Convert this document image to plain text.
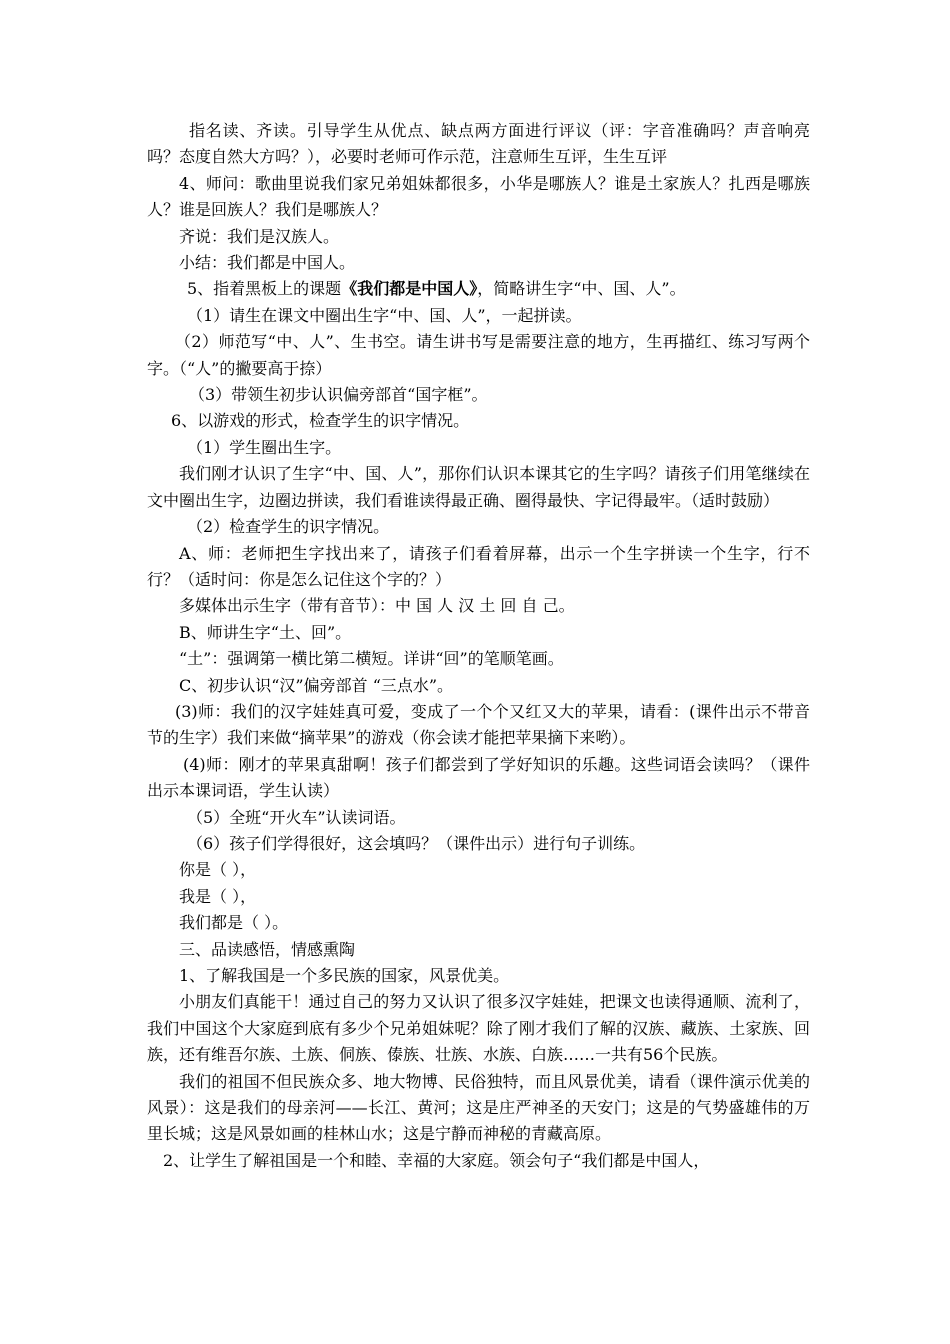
指名读、齐读。引导学生从优点、缺点两方面进行评议（评：字音准确吗？声音响亮吗？态度自然大方吗？），必要时老师可作示范，注意师生互评，生生互评

4、师问：歌曲里说我们家兄弟姐妹都很多，小华是哪族人？谁是土家族人？扎西是哪族人？谁是回族人？我们是哪族人？

齐说：我们是汉族人。

小结：我们都是中国人。

5、指着黑板上的课题《我们都是中国人》，简略讲生字“中、国、人”。

（1）请生在课文中圈出生字“中、国、人”，一起拼读。

（2）师范写“中、人”、生书空。请生讲书写是需要注意的地方，生再描红、练习写两个字。（“人”的撇要高于捺）

（3）带领生初步认识偏旁部首“国字框”。

6、以游戏的形式，检查学生的识字情况。

（1）学生圈出生字。

我们刚才认识了生字“中、国、人”，那你们认识本课其它的生字吗？请孩子们用笔继续在文中圈出生字，边圈边拼读，我们看谁读得最正确、圈得最快、字记得最牢。（适时鼓励）

（2）检查学生的识字情况。

A、师：老师把生字找出来了，请孩子们看着屏幕，出示一个生字拼读一个生字，行不行？（适时问：你是怎么记住这个字的？）

多媒体出示生字（带有音节）：中 国 人 汉 土 回 自 己。

B、师讲生字“土、回”。

“土”：强调第一横比第二横短。详讲“回”的笔顺笔画。

C、初步认识“汉”偏旁部首 “三点水”。

(3)师：我们的汉字娃娃真可爱，变成了一个个又红又大的苹果，请看：(课件出示不带音节的生字）我们来做“摘苹果”的游戏（你会读才能把苹果摘下来哟）。

(4)师：刚才的苹果真甜啊！孩子们都尝到了学好知识的乐趣。这些词语会读吗？（课件出示本课词语，学生认读）

（5）全班“开火车”认读词语。

（6）孩子们学得很好，这会填吗？（课件出示）进行句子训练。

你是（ ），

我是（ ），

我们都是（ ）。

三、品读感悟，情感熏陶

1、了解我国是一个多民族的国家，风景优美。

小朋友们真能干！通过自己的努力又认识了很多汉字娃娃，把课文也读得通顺、流利了，我们中国这个大家庭到底有多少个兄弟姐妹呢？除了刚才我们了解的汉族、藏族、土家族、回族，还有维吾尔族、土族、侗族、傣族、壮族、水族、白族……一共有56个民族。

我们的祖国不但民族众多、地大物博、民俗独特，而且风景优美，请看（课件演示优美的风景）：这是我们的母亲河——长江、黄河；这是庄严神圣的天安门；这是的气势盛雄伟的万里长城；这是风景如画的桂林山水；这是宁静而神秘的青藏高原。

2、让学生了解祖国是一个和睦、幸福的大家庭。领会句子“我们都是中国人，
